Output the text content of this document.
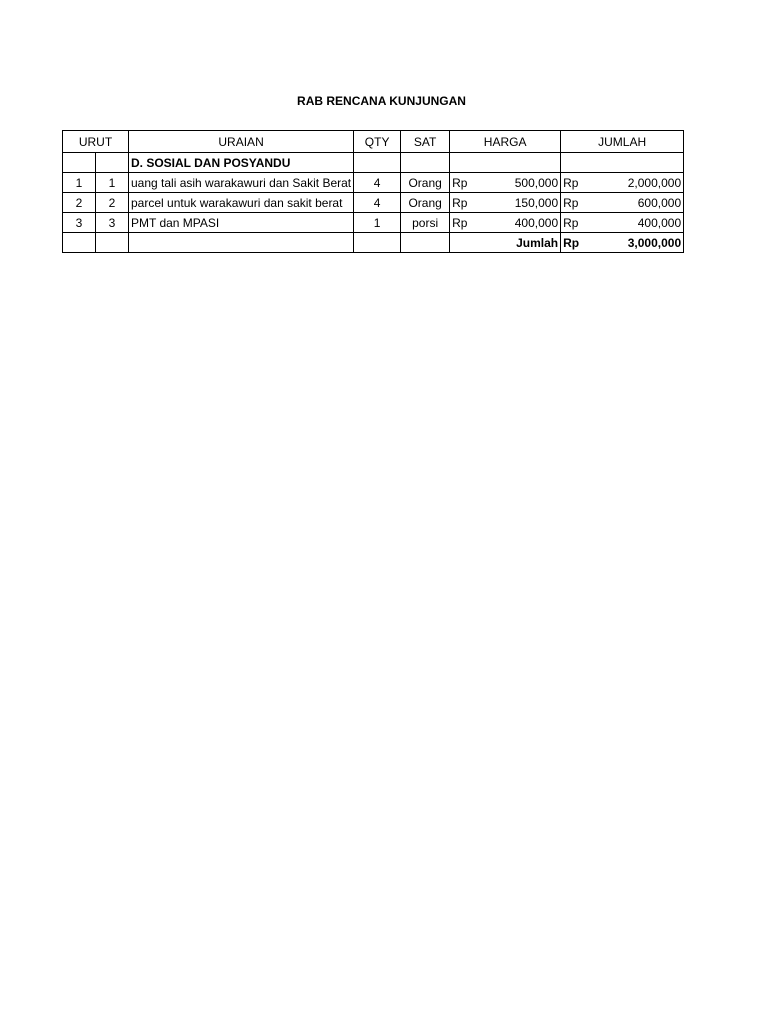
RAB RENCANA KUNJUNGAN
URUT		URAIAN	QTY	SAT	HARGA		JUMLAH	
		D. SOSIAL DAN POSYANDU						
1	1	uang tali asih warakawuri dan Sakit Berat	4	Orang	Rp	500,000	Rp	2,000,000
2	2	parcel untuk warakawuri dan sakit berat	4	Orang	Rp	150,000	Rp	600,000
3	3	PMT dan MPASI	1	porsi	Rp	400,000	Rp	400,000
					Jumlah		Rp	3,000,000
